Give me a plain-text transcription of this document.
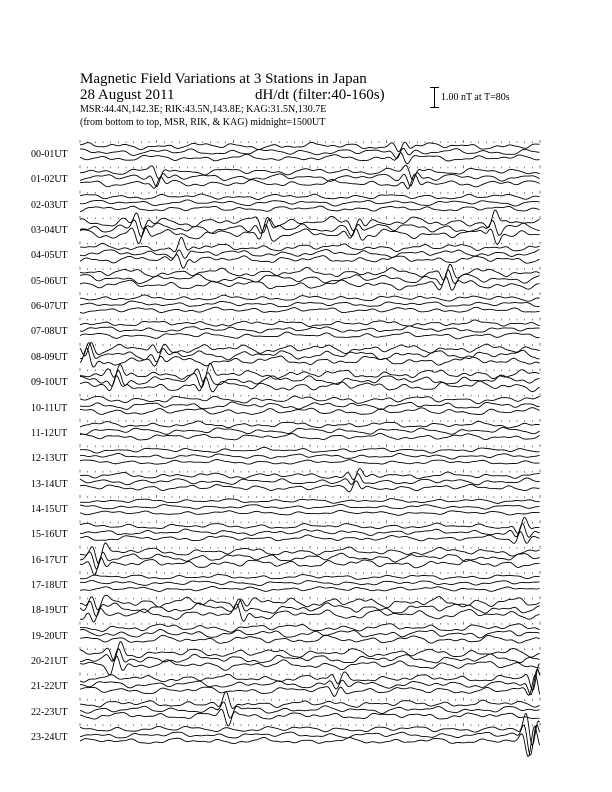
Magnetic Field Variations at 3 Stations in Japan
28 August 2011	dH/dt (filter:40-160s)
MSR:44.4N,142.3E; RIK:43.5N,143.8E; KAG:31.5N,130.7E
(from bottom to top, MSR, RIK, & KAG) midnight=1500UT
1.00 nT at T=80s
00-01UT
01-02UT
02-03UT
03-04UT
04-05UT
05-06UT
06-07UT
07-08UT
08-09UT
09-10UT
10-11UT
11-12UT
12-13UT
13-14UT
14-15UT
15-16UT
16-17UT
17-18UT
18-19UT
19-20UT
20-21UT
21-22UT
22-23UT
23-24UT
